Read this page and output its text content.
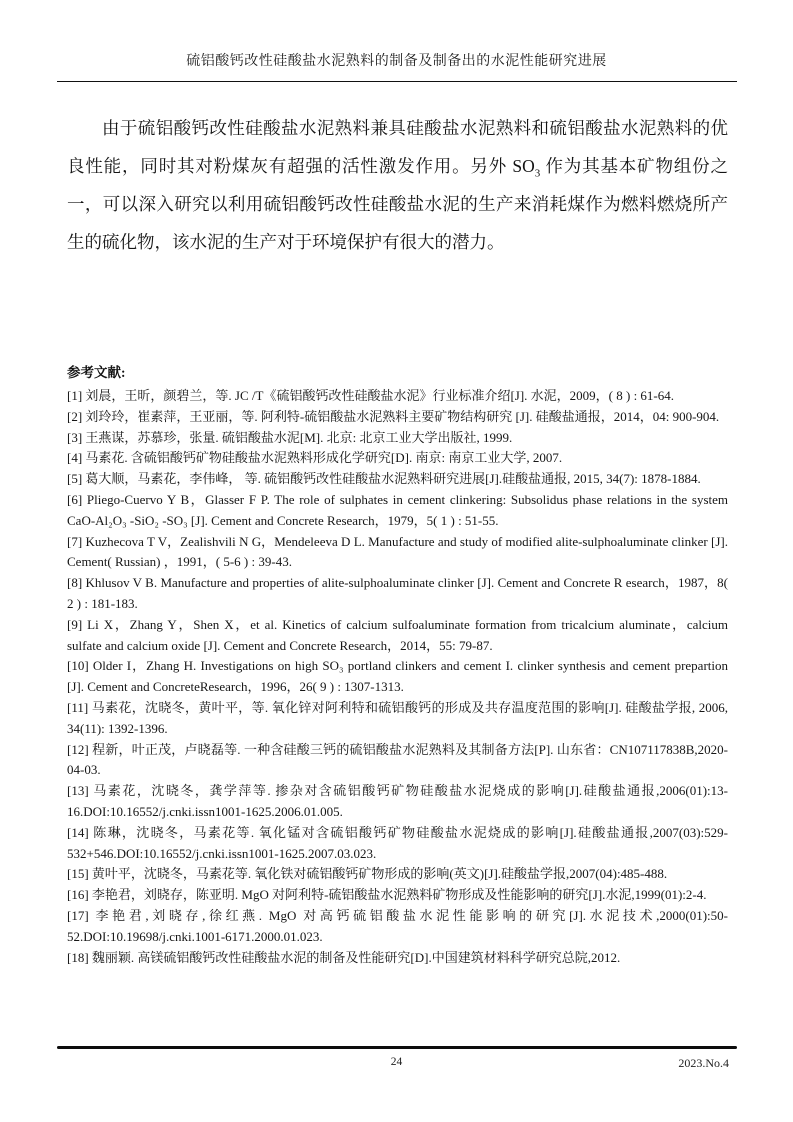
硫铝酸钙改性硅酸盐水泥熟料的制备及制备出的水泥性能研究进展

由于硫铝酸钙改性硅酸盐水泥熟料兼具硅酸盐水泥熟料和硫铝酸盐水泥熟料的优良性能，同时其对粉煤灰有超强的活性激发作用。另外 $SO_3$ 作为其基本矿物组份之一，可以深入研究以利用硫铝酸钙改性硅酸盐水泥的生产来消耗煤作为燃料燃烧所产生的硫化物，该水泥的生产对于环境保护有很大的潜力。

参考文献:

[1] 刘晨，王昕，颜碧兰，等. JC /T《硫铝酸钙改性硅酸盐水泥》行业标准介绍[J]. 水泥，2009，( 8 ) : 61-64.

[2] 刘玲玲，崔素萍，王亚丽，等. 阿利特-硫铝酸盐水泥熟料主要矿物结构研究 [J]. 硅酸盐通报，2014，04: 900-904.

[3] 王燕谋，苏慕珍，张量. 硫铝酸盐水泥[M]. 北京: 北京工业大学出版社, 1999.

[4] 马素花. 含硫铝酸钙矿物硅酸盐水泥熟料形成化学研究[D]. 南京: 南京工业大学, 2007.

[5] 葛大顺，马素花，李伟峰， 等. 硫铝酸钙改性硅酸盐水泥熟料研究进展[J].硅酸盐通报, 2015, 34(7): 1878-1884.

[6] Pliego-Cuervo Y B，Glasser F P. The role of sulphates in cement clinkering: Subsolidus phase relations in the system CaO-Al₂O₃ -SiO₂ -SO₃ [J]. Cement and Concrete Research，1979，5( 1 ) : 51-55.

[7] Kuzhecova T V，Zealishvili N G，Mendeleeva D L. Manufacture and study of modified alite-sulphoaluminate clinker [J]. Cement( Russian) ，1991，( 5-6 ) : 39-43.

[8] Khlusov V B. Manufacture and properties of alite-sulphoaluminate clinker [J]. Cement and Concrete R esearch，1987，8( 2 ) : 181-183.

[9] Li X，Zhang Y，Shen X，et al. Kinetics of calcium sulfoaluminate formation from tricalcium aluminate，calcium sulfate and calcium oxide [J]. Cement and Concrete Research，2014，55: 79-87.

[10] Older I，Zhang H. Investigations on high SO₃ portland clinkers and cement I. clinker synthesis and cement prepartion [J]. Cement and ConcreteResearch，1996，26( 9 ) : 1307-1313.

[11] 马素花，沈晓冬，黄叶平，等. 氧化锌对阿利特和硫铝酸钙的形成及共存温度范围的影响[J]. 硅酸盐学报, 2006, 34(11): 1392-1396.

[12] 程新，叶正茂，卢晓磊等. 一种含硅酸三钙的硫铝酸盐水泥熟料及其制备方法[P]. 山东省：CN107117838B,2020-04-03.

[13] 马素花，沈晓冬，龚学萍等. 掺杂对含硫铝酸钙矿物硅酸盐水泥烧成的影响[J].硅酸盐通报,2006(01):13-16.DOI:10.16552/j.cnki.issn1001-1625.2006.01.005.

[14] 陈琳，沈晓冬，马素花等. 氧化锰对含硫铝酸钙矿物硅酸盐水泥烧成的影响[J].硅酸盐通报,2007(03):529-532+546.DOI:10.16552/j.cnki.issn1001-1625.2007.03.023.

[15] 黄叶平，沈晓冬，马素花等. 氧化铁对硫铝酸钙矿物形成的影响(英文)[J].硅酸盐学报,2007(04):485-488.

[16] 李艳君，刘晓存，陈亚明. MgO 对阿利特-硫铝酸盐水泥熟料矿物形成及性能影响的研究[J].水泥,1999(01):2-4.

[17] 李艳君,刘晓存,徐红燕. MgO 对高钙硫铝酸盐水泥性能影响的研究[J].水泥技术,2000(01):50-52.DOI:10.19698/j.cnki.1001-6171.2000.01.023.

[18] 魏丽颖. 高镁硫铝酸钙改性硅酸盐水泥的制备及性能研究[D].中国建筑材料科学研究总院,2012.

24	2023.No.4
